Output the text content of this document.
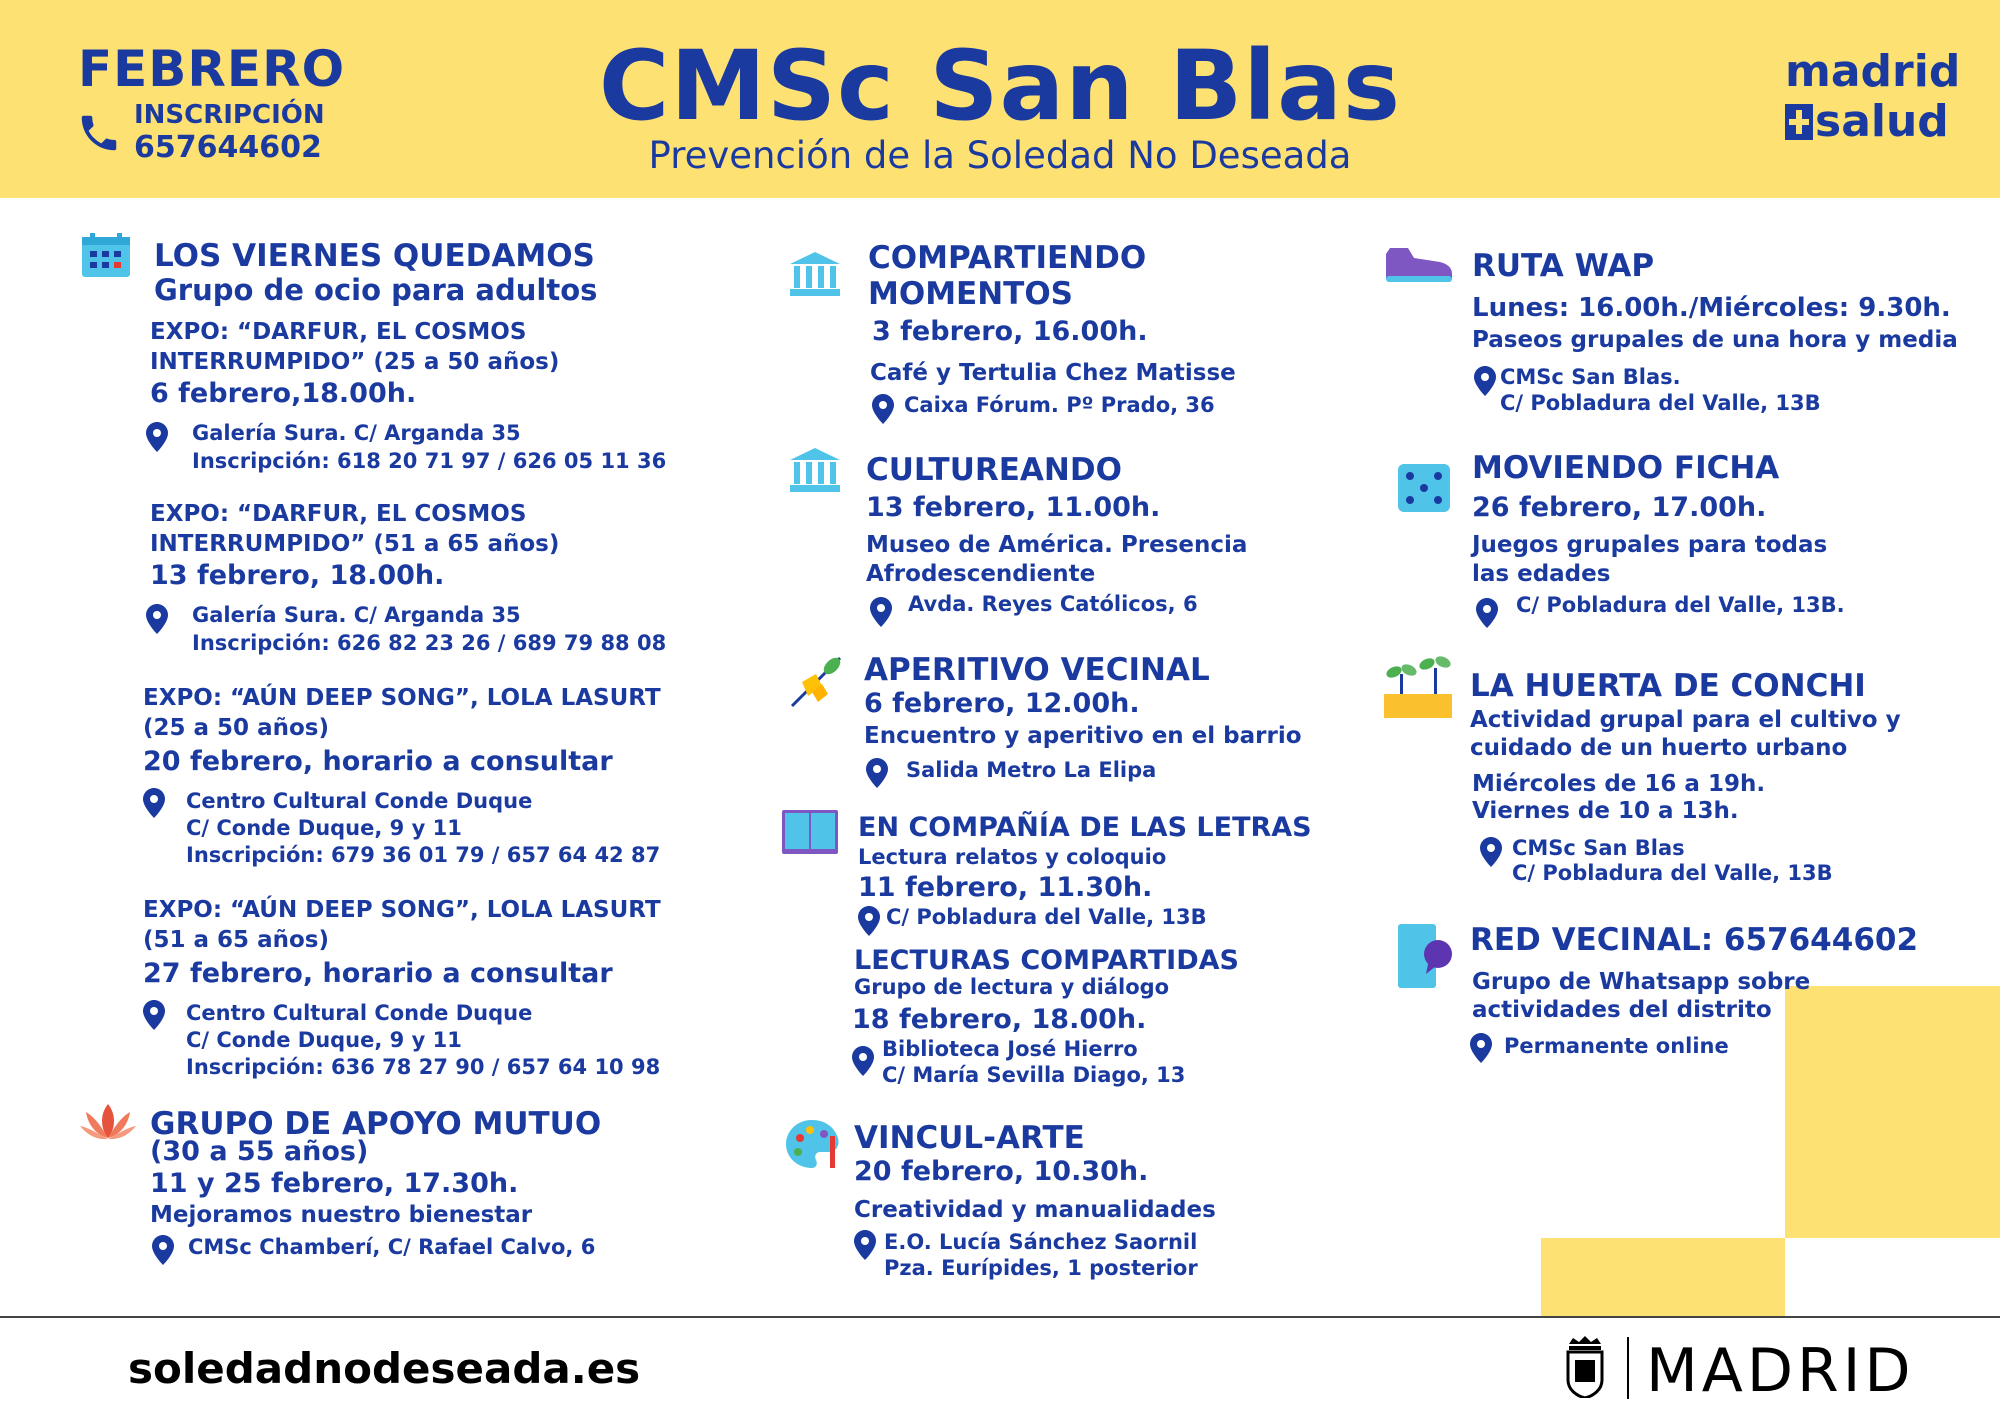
FEBRERO
INSCRIPCIÓN
657644602
CMSc San Blas
Prevención de la Soledad No Deseada
madrid
salud
LOS VIERNES QUEDAMOS
Grupo de ocio para adultos
EXPO: “DARFUR, EL COSMOS
INTERRUMPIDO” (25 a 50 años)
6 febrero,18.00h.
Galería Sura. C/ Arganda 35
Inscripción: 618 20 71 97 / 626 05 11 36
EXPO: “DARFUR, EL COSMOS
INTERRUMPIDO” (51 a 65 años)
13 febrero, 18.00h.
Galería Sura. C/ Arganda 35
Inscripción: 626 82 23 26 / 689 79 88 08
EXPO: “AÚN DEEP SONG”, LOLA LASURT
(25 a 50 años)
20 febrero, horario a consultar
Centro Cultural Conde Duque
C/ Conde Duque, 9 y 11
Inscripción: 679 36 01 79 / 657 64 42 87
EXPO: “AÚN DEEP SONG”, LOLA LASURT
(51 a 65 años)
27 febrero, horario a consultar
Centro Cultural Conde Duque
C/ Conde Duque, 9 y 11
Inscripción: 636 78 27 90 / 657 64 10 98
GRUPO DE APOYO MUTUO
(30 a 55 años)
11 y 25 febrero, 17.30h.
Mejoramos nuestro bienestar
CMSc Chamberí, C/ Rafael Calvo, 6
COMPARTIENDO
MOMENTOS
3 febrero, 16.00h.
Café y Tertulia Chez Matisse
Caixa Fórum. Pº Prado, 36
CULTUREANDO
13 febrero, 11.00h.
Museo de América. Presencia
Afrodescendiente
Avda. Reyes Católicos, 6
APERITIVO VECINAL
6 febrero, 12.00h.
Encuentro y aperitivo en el barrio
Salida Metro La Elipa
EN COMPAÑÍA DE LAS LETRAS
Lectura relatos y coloquio
11 febrero, 11.30h.
C/ Pobladura del Valle, 13B
LECTURAS COMPARTIDAS
Grupo de lectura y diálogo
18 febrero, 18.00h.
Biblioteca José Hierro
C/ María Sevilla Diago, 13
VINCUL-ARTE
20 febrero, 10.30h.
Creatividad y manualidades
E.O. Lucía Sánchez Saornil
Pza. Eurípides, 1 posterior
RUTA WAP
Lunes: 16.00h./Miércoles: 9.30h.
Paseos grupales de una hora y media
CMSc San Blas.
C/ Pobladura del Valle, 13B
MOVIENDO FICHA
26 febrero, 17.00h.
Juegos grupales para todas
las edades
C/ Pobladura del Valle, 13B.
LA HUERTA DE CONCHI
Actividad grupal para el cultivo y
cuidado de un huerto urbano
Miércoles de 16 a 19h.
Viernes de 10 a 13h.
CMSc San Blas
C/ Pobladura del Valle, 13B
RED VECINAL: 657644602
Grupo de Whatsapp sobre
actividades del distrito
Permanente online
soledadnodeseada.es	MADRID
